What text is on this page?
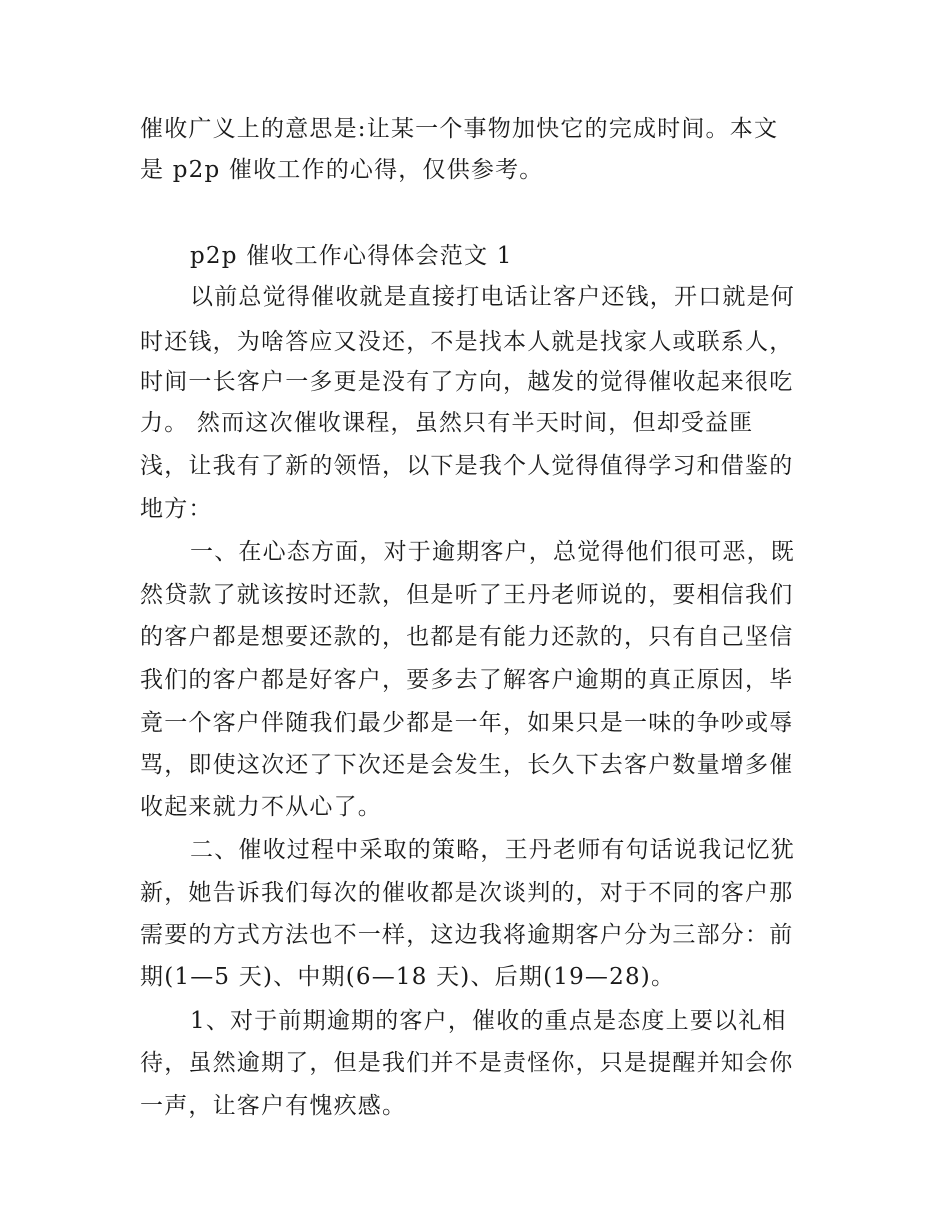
催收广义上的意思是:让某一个事物加快它的完成时间。本文
是 p2p 催收工作的心得，仅供参考。
p2p 催收工作心得体会范文 1
以前总觉得催收就是直接打电话让客户还钱，开口就是何
时还钱，为啥答应又没还，不是找本人就是找家人或联系人，
时间一长客户一多更是没有了方向，越发的觉得催收起来很吃
力。 然而这次催收课程，虽然只有半天时间，但却受益匪
浅，让我有了新的领悟，以下是我个人觉得值得学习和借鉴的
地方：
一、在心态方面，对于逾期客户，总觉得他们很可恶，既
然贷款了就该按时还款，但是听了王丹老师说的，要相信我们
的客户都是想要还款的，也都是有能力还款的，只有自己坚信
我们的客户都是好客户，要多去了解客户逾期的真正原因，毕
竟一个客户伴随我们最少都是一年，如果只是一味的争吵或辱
骂，即使这次还了下次还是会发生，长久下去客户数量增多催
收起来就力不从心了。
二、催收过程中采取的策略，王丹老师有句话说我记忆犹
新，她告诉我们每次的催收都是次谈判的，对于不同的客户那
需要的方式方法也不一样，这边我将逾期客户分为三部分：前
期(1—5 天)、中期(6—18 天)、后期(19—28)。
1、对于前期逾期的客户，催收的重点是态度上要以礼相
待，虽然逾期了，但是我们并不是责怪你，只是提醒并知会你
一声，让客户有愧疚感。
